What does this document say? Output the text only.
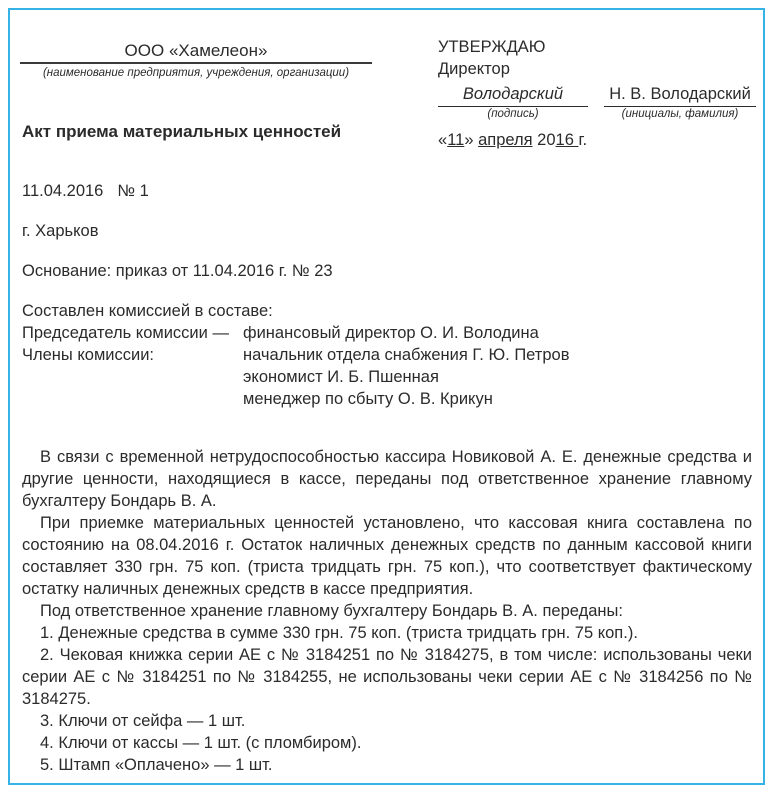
ООО «Хамелеон»
(наименование предприятия, учреждения, организации)
Акт приема материальных ценностей
УТВЕРЖДАЮ
Директор
Володарский
(подпись)
Н. В. Володарский
(инициалы, фамилия)
«11» апреля 2016 г.
11.04.2016 № 1
г. Харьков
Основание: приказ от 11.04.2016 г. № 23

Составлен комиссией в составе:

Председатель комиссии — финансовый директор О. И. Володина
Члены комиссии:	начальник отдела снабжения Г. Ю. Петров
экономист И. Б. Пшенная
менеджер по сбыту О. В. Крикун

В связи с временной нетрудоспособностью кассира Новиковой А. Е. денежные средства и другие ценности, находящиеся в кассе, переданы под ответственное хранение главному бухгалтеру Бондарь В. А.

При приемке материальных ценностей установлено, что кассовая книга составлена по состоянию на 08.04.2016 г. Остаток наличных денежных средств по данным кассовой книги составляет 330 грн. 75 коп. (триста тридцать грн. 75 коп.), что соответствует фактическому остатку наличных денежных средств в кассе предприятия.

Под ответственное хранение главному бухгалтеру Бондарь В. А. переданы:

1. Денежные средства в сумме 330 грн. 75 коп. (триста тридцать грн. 75 коп.).

2. Чековая книжка серии АЕ с № 3184251 по № 3184275, в том числе: использованы чеки серии АЕ с № 3184251 по № 3184255, не использованы чеки серии АЕ с № 3184256 по № 3184275.

3. Ключи от сейфа — 1 шт.

4. Ключи от кассы — 1 шт. (с пломбиром).

5. Штамп «Оплачено» — 1 шт.
